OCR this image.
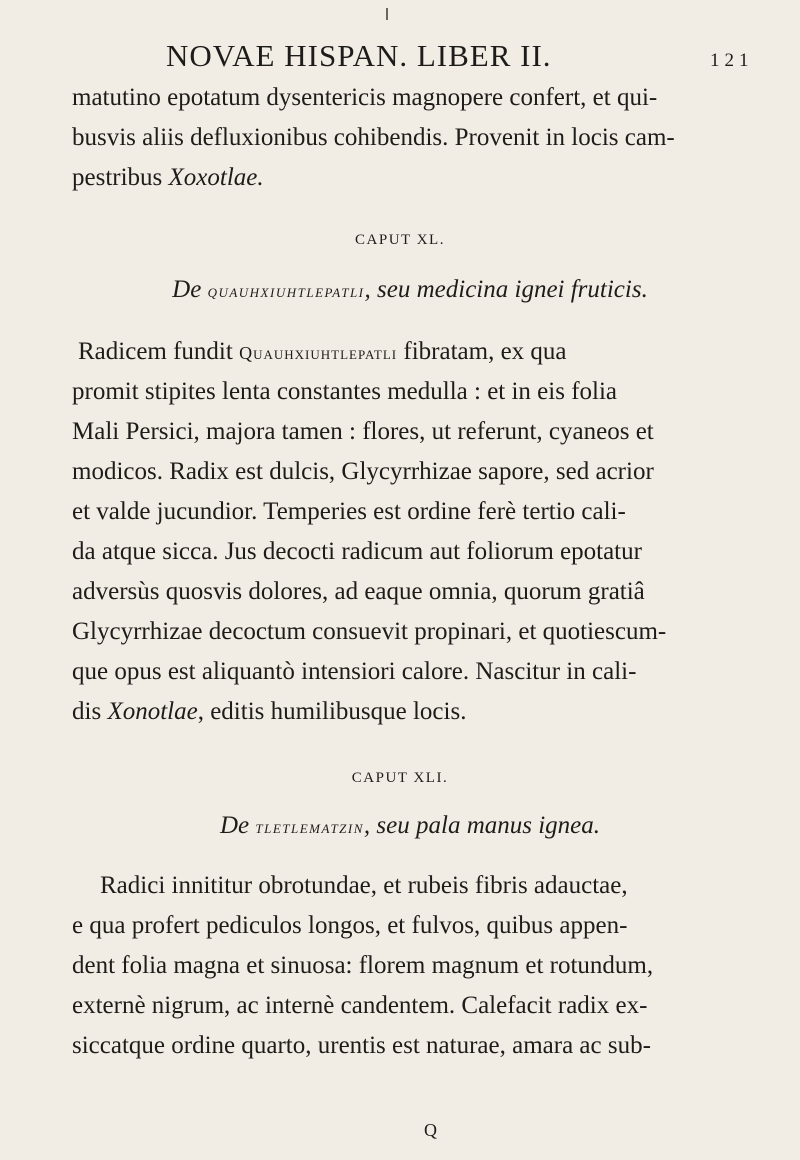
NOVAE HISPAN. LIBER II.	121
matutino epotatum dysentericis magnopere confert, et qui-
busvis aliis defluxionibus cohibendis. Provenit in locis cam-
pestribus Xoxotlae.
CAPUT XL.
De quauhxiuhtlepatli, seu medicina ignei fruticis.
Radicem fundit Quauhxiuhtlepatli fibratam, ex qua
promit stipites lenta constantes medulla : et in eis folia
Mali Persici, majora tamen : flores, ut referunt, cyaneos et
modicos. Radix est dulcis, Glycyrrhizae sapore, sed acrior
et valde jucundior. Temperies est ordine ferè tertio cali-
da atque sicca. Jus decocti radicum aut foliorum epotatur
adversùs quosvis dolores, ad eaque omnia, quorum gratiâ
Glycyrrhizae decoctum consuevit propinari, et quotiescum-
que opus est aliquantò intensiori calore. Nascitur in cali-
dis Xonotlae, editis humilibusque locis.
CAPUT XLI.
De tletlematzin, seu pala manus ignea.
Radici innititur obrotundae, et rubeis fibris adauctae,
e qua profert pediculos longos, et fulvos, quibus appen-
dent folia magna et sinuosa: florem magnum et rotundum,
externè nigrum, ac internè candentem. Calefacit radix ex-
siccatque ordine quarto, urentis est naturae, amara ac sub-
Q
